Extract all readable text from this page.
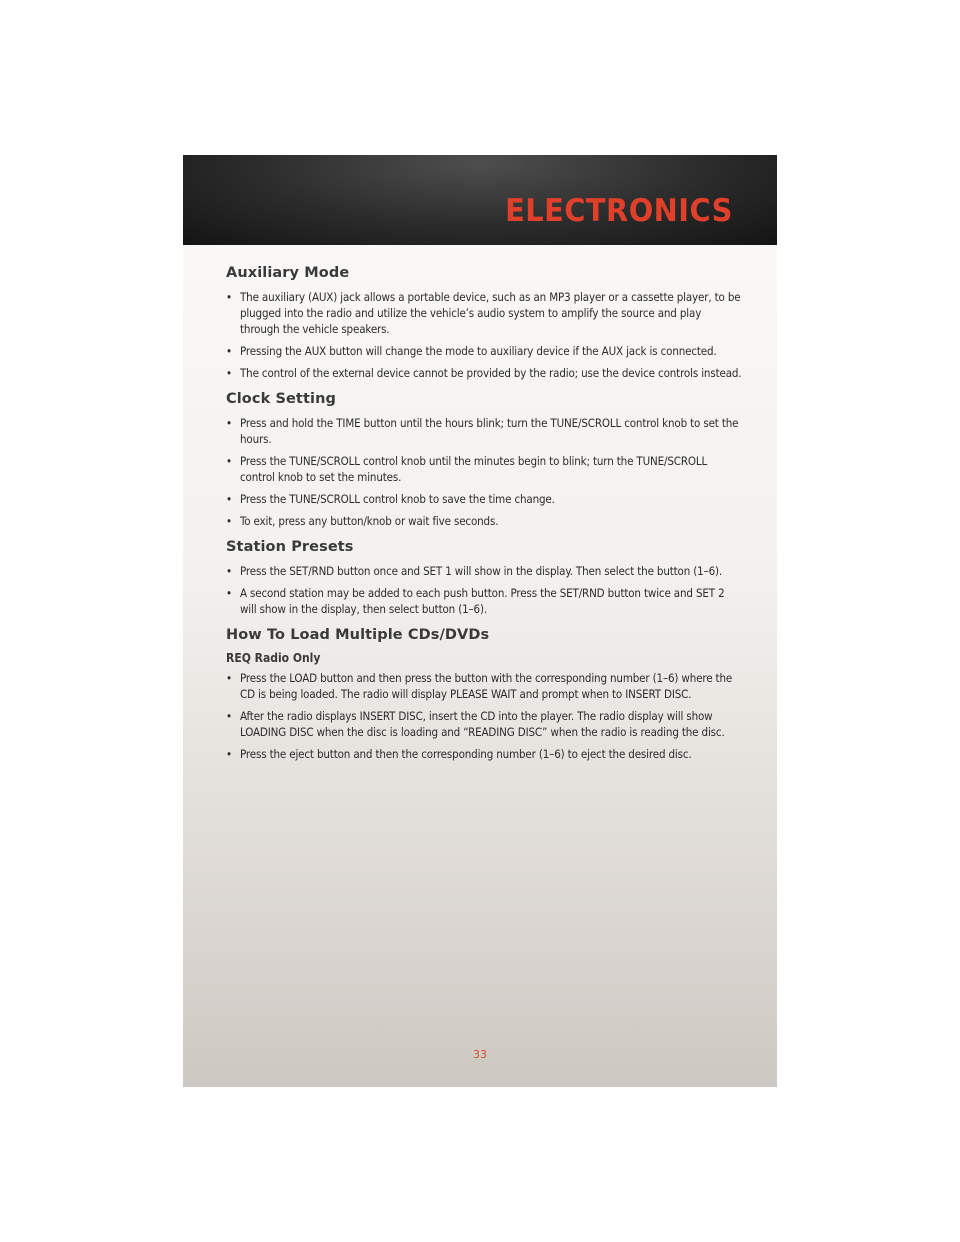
ELECTRONICS
Auxiliary Mode
• The auxiliary (AUX) jack allows a portable device, such as an MP3 player or a cassette player, to be plugged into the radio and utilize the vehicle’s audio system to amplify the source and play through the vehicle speakers.
• Pressing the AUX button will change the mode to auxiliary device if the AUX jack is connected.
• The control of the external device cannot be provided by the radio; use the device controls instead.
Clock Setting
• Press and hold the TIME button until the hours blink; turn the TUNE/SCROLL control knob to set the hours.
• Press the TUNE/SCROLL control knob until the minutes begin to blink; turn the TUNE/SCROLL control knob to set the minutes.
• Press the TUNE/SCROLL control knob to save the time change.
• To exit, press any button/knob or wait five seconds.
Station Presets
• Press the SET/RND button once and SET 1 will show in the display. Then select the button (1–6).
• A second station may be added to each push button. Press the SET/RND button twice and SET 2 will show in the display, then select button (1–6).
How To Load Multiple CDs/DVDs
REQ Radio Only
• Press the LOAD button and then press the button with the corresponding number (1–6) where the CD is being loaded. The radio will display PLEASE WAIT and prompt when to INSERT DISC.
• After the radio displays INSERT DISC, insert the CD into the player. The radio display will show LOADING DISC when the disc is loading and “READING DISC” when the radio is reading the disc.
• Press the eject button and then the corresponding number (1–6) to eject the desired disc.
33
